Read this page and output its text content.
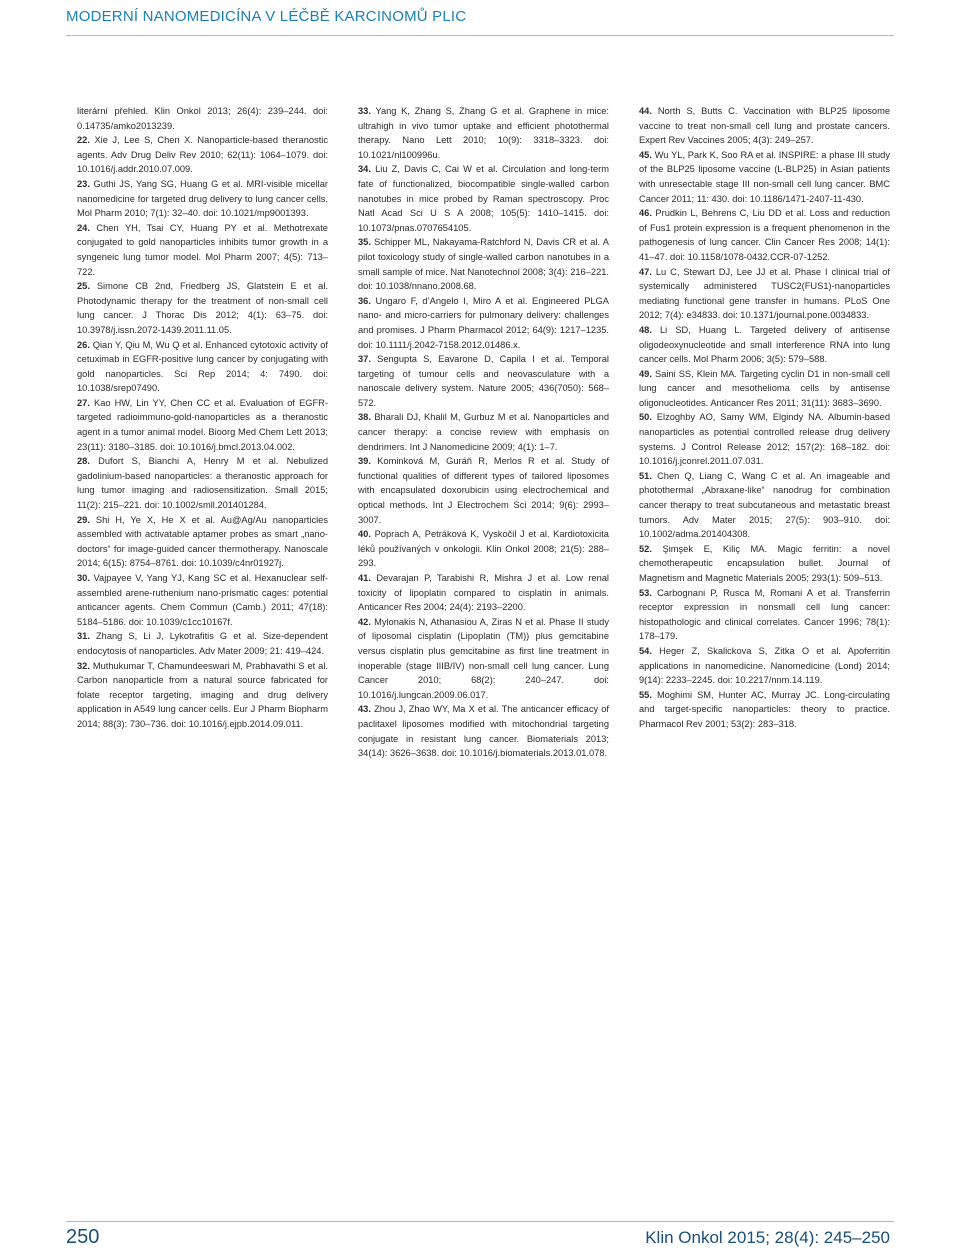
MODERNÍ NANOMEDICÍNA V LÉČBĚ KARCINOMŮ PLIC

literární přehled. Klin Onkol 2013; 26(4): 239–244. doi: 0.14735/amko2013239.

22. Xie J, Lee S, Chen X. Nanoparticle-based theranostic agents. Adv Drug Deliv Rev 2010; 62(11): 1064–1079. doi: 10.1016/j.addr.2010.07.009.

23. Guthi JS, Yang SG, Huang G et al. MRI-visible micellar nanomedicine for targeted drug delivery to lung cancer cells. Mol Pharm 2010; 7(1): 32–40. doi: 10.1021/mp9001393.

24. Chen YH, Tsai CY, Huang PY et al. Methotrexate conjugated to gold nanoparticles inhibits tumor growth in a syngeneic lung tumor model. Mol Pharm 2007; 4(5): 713–722.

25. Simone CB 2nd, Friedberg JS, Glatstein E et al. Photodynamic therapy for the treatment of non-small cell lung cancer. J Thorac Dis 2012; 4(1): 63–75. doi: 10.3978/j.issn.2072-1439.2011.11.05.

26. Qian Y, Qiu M, Wu Q et al. Enhanced cytotoxic activity of cetuximab in EGFR-positive lung cancer by conjugating with gold nanoparticles. Sci Rep 2014; 4: 7490. doi: 10.1038/srep07490.

27. Kao HW, Lin YY, Chen CC et al. Evaluation of EGFR-targeted radioimmuno-gold-nanoparticles as a theranostic agent in a tumor animal model. Bioorg Med Chem Lett 2013; 23(11): 3180–3185. doi: 10.1016/j.bmcl.2013.04.002.

28. Dufort S, Bianchi A, Henry M et al. Nebulized gadolinium-based nanoparticles: a theranostic approach for lung tumor imaging and radiosensitization. Small 2015; 11(2): 215–221. doi: 10.1002/smll.201401284.

29. Shi H, Ye X, He X et al. Au@Ag/Au nanoparticles assembled with activatable aptamer probes as smart „nano-doctors“ for image-guided cancer thermotherapy. Nanoscale 2014; 6(15): 8754–8761. doi: 10.1039/c4nr01927j.

30. Vajpayee V, Yang YJ, Kang SC et al. Hexanuclear self-assembled arene-ruthenium nano-prismatic cages: potential anticancer agents. Chem Commun (Camb.) 2011; 47(18): 5184–5186. doi: 10.1039/c1cc10167f.

31. Zhang S, Li J, Lykotrafitis G et al. Size-dependent endocytosis of nanoparticles. Adv Mater 2009; 21: 419–424.

32. Muthukumar T, Chamundeeswari M, Prabhavathi S et al. Carbon nanoparticle from a natural source fabricated for folate receptor targeting, imaging and drug delivery application in A549 lung cancer cells. Eur J Pharm Biopharm 2014; 88(3): 730–736. doi: 10.1016/j.ejpb.2014.09.011.

33. Yang K, Zhang S, Zhang G et al. Graphene in mice: ultrahigh in vivo tumor uptake and efficient photothermal therapy. Nano Lett 2010; 10(9): 3318–3323. doi: 10.1021/nl100996u.

34. Liu Z, Davis C, Cai W et al. Circulation and long-term fate of functionalized, biocompatible single-walled carbon nanotubes in mice probed by Raman spectroscopy. Proc Natl Acad Sci U S A 2008; 105(5): 1410–1415. doi: 10.1073/pnas.0707654105.

35. Schipper ML, Nakayama-Ratchford N, Davis CR et al. A pilot toxicology study of single-walled carbon nanotubes in a small sample of mice. Nat Nanotechnol 2008; 3(4): 216–221. doi: 10.1038/nnano.2008.68.

36. Ungaro F, d’Angelo I, Miro A et al. Engineered PLGA nano- and micro-carriers for pulmonary delivery: challenges and promises. J Pharm Pharmacol 2012; 64(9): 1217–1235. doi: 10.1111/j.2042-7158.2012.01486.x.

37. Sengupta S, Eavarone D, Capila I et al. Temporal targeting of tumour cells and neovasculature with a nanoscale delivery system. Nature 2005; 436(7050): 568–572.

38. Bharali DJ, Khalil M, Gurbuz M et al. Nanoparticles and cancer therapy: a concise review with emphasis on dendrimers. Int J Nanomedicine 2009; 4(1): 1–7.

39. Kominková M, Guráň R, Merlos R et al. Study of functional qualities of different types of tailored liposomes with encapsulated doxorubicin using electrochemical and optical methods. Int J Electrochem Sci 2014; 9(6): 2993–3007.

40. Poprach A, Petráková K, Vyskočil J et al. Kardiotoxicita léků používaných v onkologii. Klin Onkol 2008; 21(5): 288–293.

41. Devarajan P, Tarabishi R, Mishra J et al. Low renal toxicity of lipoplatin compared to cisplatin in animals. Anticancer Res 2004; 24(4): 2193–2200.

42. Mylonakis N, Athanasiou A, Ziras N et al. Phase II study of liposomal cisplatin (Lipoplatin (TM)) plus gemcitabine versus cisplatin plus gemcitabine as first line treatment in inoperable (stage IIIB/IV) non-small cell lung cancer. Lung Cancer 2010; 68(2): 240–247. doi: 10.1016/j.lungcan.2009.06.017.

43. Zhou J, Zhao WY, Ma X et al. The anticancer efficacy of paclitaxel liposomes modified with mitochondrial targeting conjugate in resistant lung cancer. Biomaterials 2013; 34(14): 3626–3638. doi: 10.1016/j.biomaterials.2013.01.078.

44. North S, Butts C. Vaccination with BLP25 liposome vaccine to treat non-small cell lung and prostate cancers. Expert Rev Vaccines 2005; 4(3): 249–257.

45. Wu YL, Park K, Soo RA et al. INSPIRE: a phase III study of the BLP25 liposome vaccine (L-BLP25) in Asian patients with unresectable stage III non-small cell lung cancer. BMC Cancer 2011; 11: 430. doi: 10.1186/1471-2407-11-430.

46. Prudkin L, Behrens C, Liu DD et al. Loss and reduction of Fus1 protein expression is a frequent phenomenon in the pathogenesis of lung cancer. Clin Cancer Res 2008; 14(1): 41–47. doi: 10.1158/1078-0432.CCR-07-1252.

47. Lu C, Stewart DJ, Lee JJ et al. Phase I clinical trial of systemically administered TUSC2(FUS1)-nanoparticles mediating functional gene transfer in humans. PLoS One 2012; 7(4): e34833. doi: 10.1371/journal.pone.0034833.

48. Li SD, Huang L. Targeted delivery of antisense oligodeoxynucleotide and small interference RNA into lung cancer cells. Mol Pharm 2006; 3(5): 579–588.

49. Saini SS, Klein MA. Targeting cyclin D1 in non-small cell lung cancer and mesothelioma cells by antisense oligonucleotides. Anticancer Res 2011; 31(11): 3683–3690.

50. Elzoghby AO, Samy WM, Elgindy NA. Albumin-based nanoparticles as potential controlled release drug delivery systems. J Control Release 2012; 157(2): 168–182. doi: 10.1016/j.jconrel.2011.07.031.

51. Chen Q, Liang C, Wang C et al. An imageable and photothermal „Abraxane-like“ nanodrug for combination cancer therapy to treat subcutaneous and metastatic breast tumors. Adv Mater 2015; 27(5): 903–910. doi: 10.1002/adma.201404308.

52. Şimşek E, Kiliç MA. Magic ferritin: a novel chemotherapeutic encapsulation bullet. Journal of Magnetism and Magnetic Materials 2005; 293(1): 509–513.

53. Carbognani P, Rusca M, Romani A et al. Transferrin receptor expression in nonsmall cell lung cancer: histopathologic and clinical correlates. Cancer 1996; 78(1): 178–179.

54. Heger Z, Skalickova S, Zitka O et al. Apoferritin applications in nanomedicine. Nanomedicine (Lond) 2014; 9(14): 2233–2245. doi: 10.2217/nnm.14.119.

55. Moghimi SM, Hunter AC, Murray JC. Long-circulating and target-specific nanoparticles: theory to practice. Pharmacol Rev 2001; 53(2): 283–318.

250	Klin Onkol 2015; 28(4): 245–250
